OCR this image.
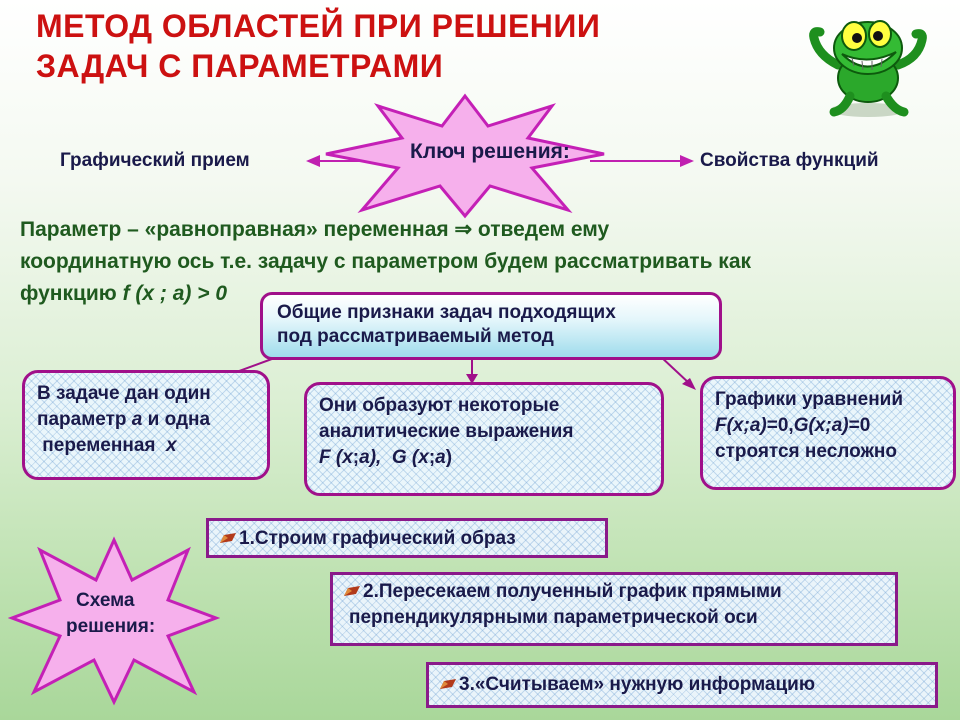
МЕТОД ОБЛАСТЕЙ ПРИ РЕШЕНИИ
ЗАДАЧ С ПАРАМЕТРАМИ
Ключ решения:
Графический прием	Свойства функций
Параметр – «равноправная» переменная ⇒ отведем ему
координатную ось т.е. задачу с параметром будем рассматривать как
функцию f (x ; a) > 0
Общие признаки задач подходящих
под рассматриваемый метод
В задаче дан один
параметр a и одна
переменная  x
Они образуют некоторые
аналитические выражения
F (x;a),  G (x;a)
Графики уравнений
F(x;a)=0,G(x;a)=0
строятся несложно
Схема
решения:
1.Строим графический образ
2.Пересекаем полученный график прямыми
перпендикулярными параметрической оси
3.«Считываем» нужную информацию
